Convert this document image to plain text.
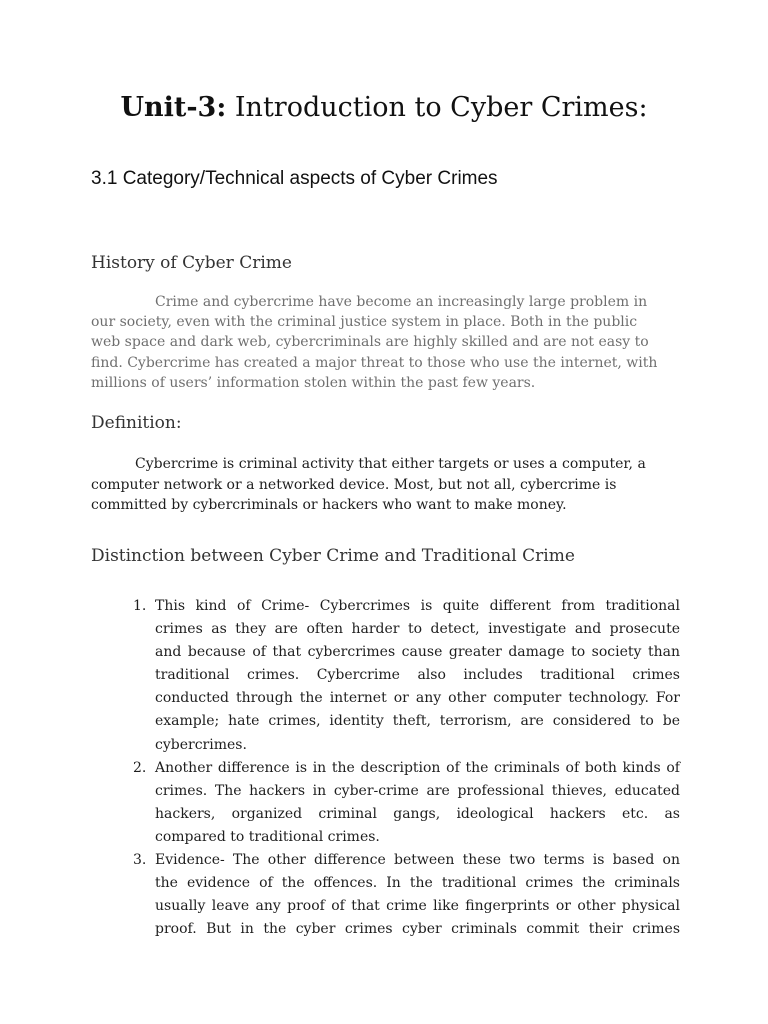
Unit-3: Introduction to Cyber Crimes:
3.1 Category/Technical aspects of Cyber Crimes
History of Cyber Crime
Crime and cybercrime have become an increasingly large problem in
our society, even with the criminal justice system in place. Both in the public
web space and dark web, cybercriminals are highly skilled and are not easy to
find. Cybercrime has created a major threat to those who use the internet, with
millions of users’ information stolen within the past few years.
Definition:
Cybercrime is criminal activity that either targets or uses a computer, a
computer network or a networked device. Most, but not all, cybercrime is
committed by cybercriminals or hackers who want to make money.
Distinction between Cyber Crime and Traditional Crime
1. This kind of Crime- Cybercrimes is quite different from traditional
crimes as they are often harder to detect, investigate and prosecute
and because of that cybercrimes cause greater damage to society than
traditional crimes. Cybercrime also includes traditional crimes
conducted through the internet or any other computer technology. For
example; hate crimes, identity theft, terrorism, are considered to be
cybercrimes.
2. Another difference is in the description of the criminals of both kinds of
crimes. The hackers in cyber-crime are professional thieves, educated
hackers, organized criminal gangs, ideological hackers etc. as
compared to traditional crimes.
3. Evidence- The other difference between these two terms is based on
the evidence of the offences. In the traditional crimes the criminals
usually leave any proof of that crime like fingerprints or other physical
proof. But in the cyber crimes cyber criminals commit their crimes
